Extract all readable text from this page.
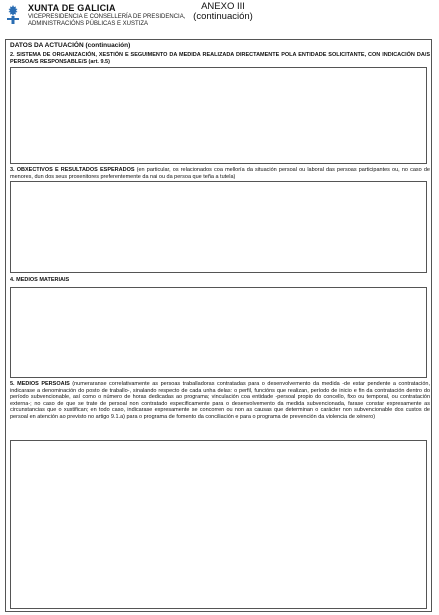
XUNTA DE GALICIA
VICEPRESIDENCIA E CONSELLERÍA DE PRESIDENCIA,
ADMINISTRACIÓNS PÚBLICAS E XUSTIZA
ANEXO III
(continuación)
DATOS DA ACTUACIÓN (continuación)
2. SISTEMA DE ORGANIZACIÓN, XESTIÓN E SEGUIMENTO DA MEDIDA REALIZADA DIRECTAMENTE POLA ENTIDADE SOLICITANTE, CON INDICACIÓN DA/S PERSOA/S RESPONSABLE/S (art. 9.5)
3. OBXECTIVOS E RESULTADOS ESPERADOS (en particular, os relacionados coa melloría da situación persoal ou laboral das persoas participantes ou, no caso de menores, dun dos seus proxenitores preferentemente da nai ou da persoa que teña a tutela)
4. MEDIOS MATERIAIS
5. MEDIOS PERSOAIS (numeraranse correlativamente as persoas traballadoras contratadas para o desenvolvemento da medida -de estar pendente a contratación, indicarase a denominación do posto de traballo-, sinalando respecto de cada unha delas: o perfil, funcións que realizan, período de inicio e fin da contratación dentro do período subvencionable, así como o número de horas dedicadas ao programa; vinculación coa entidade -persoal propio do concello, fixo ou temporal, ou contratación externa-; no caso de que se trate de persoal non contratado especificamente para o desenvolvemento da medida subvencionada, farase constar expresamente as circunstancias que o xustifican; en todo caso, indicarase expresamente se concorren ou non as causas que determinan o carácter non subvencionable dos custos de persoal en atención ao previsto no artigo 9.1.a) para o programa de fomento da conciliación e para o programa de prevención da violencia de xénero)
